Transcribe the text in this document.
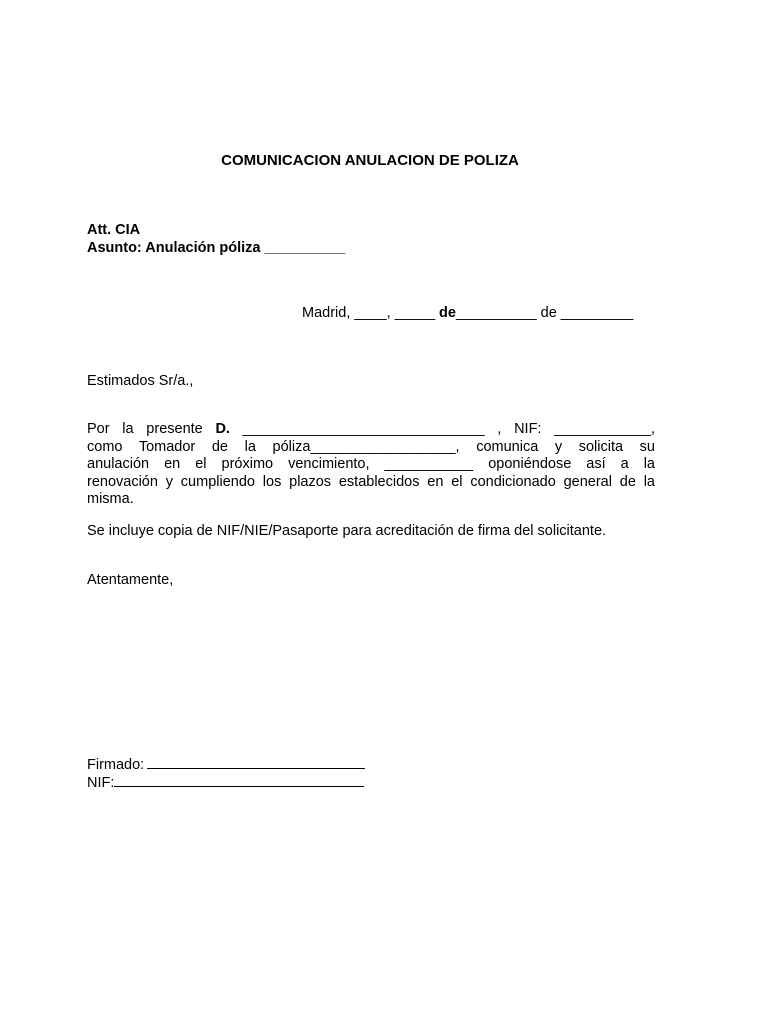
COMUNICACION ANULACION DE POLIZA
Att. CIA
Asunto: Anulación póliza __________
Madrid, ____, _____ de__________ de _________
Estimados Sr/a.,
Por la presente D. ______________________________ , NIF: ____________,
como Tomador de la póliza__________________, comunica y solicita su
anulación en el próximo vencimiento, ___________ oponiéndose así a la
renovación y cumpliendo los plazos establecidos en el condicionado general de la
misma.
Se incluye copia de NIF/NIE/Pasaporte para acreditación de firma del solicitante.
Atentamente,
Firmado:
NIF:
